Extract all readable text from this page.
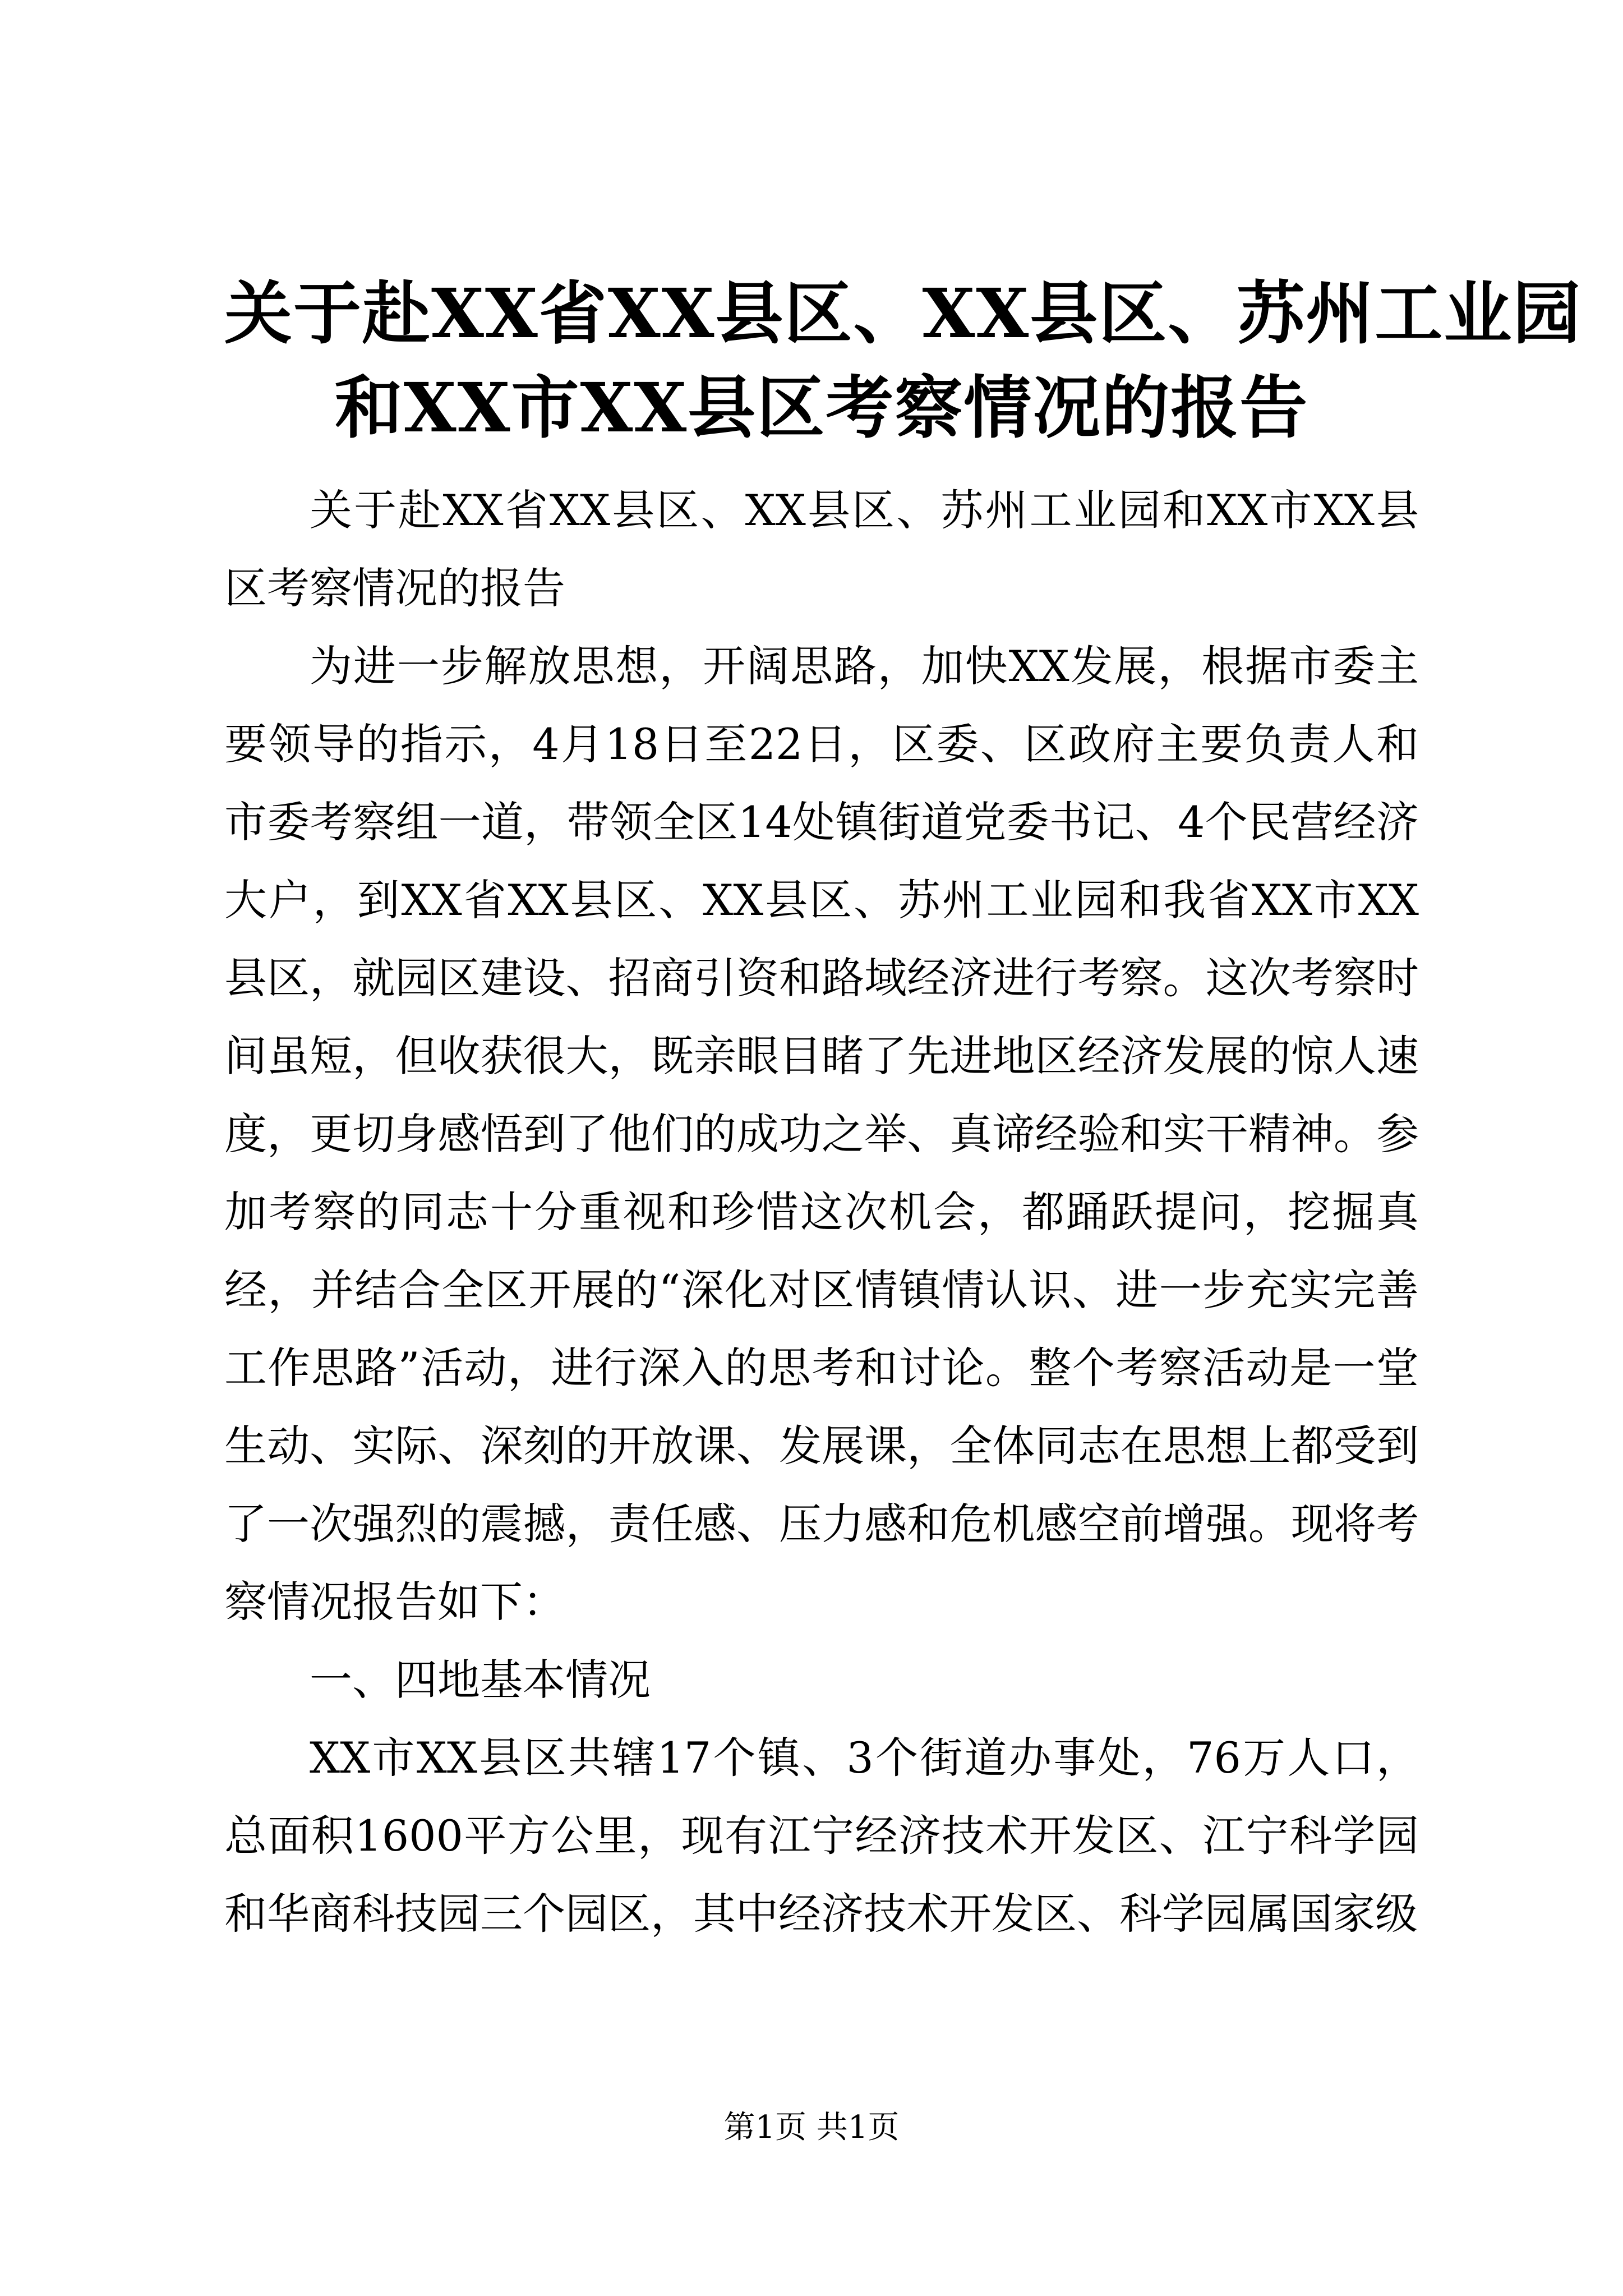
关于赴XX省XX县区、XX县区、苏州工业园
和XX市XX县区考察情况的报告

关于赴XX省XX县区、XX县区、苏州工业园和XX市XX县区考察情况的报告

为进一步解放思想，开阔思路，加快XX发展，根据市委主要领导的指示，4月18日至22日，区委、区政府主要负责人和市委考察组一道，带领全区14处镇街道党委书记、4个民营经济大户，到XX省XX县区、XX县区、苏州工业园和我省XX市XX县区，就园区建设、招商引资和路域经济进行考察。这次考察时间虽短，但收获很大，既亲眼目睹了先进地区经济发展的惊人速度，更切身感悟到了他们的成功之举、真谛经验和实干精神。参加考察的同志十分重视和珍惜这次机会，都踊跃提问，挖掘真经，并结合全区开展的“深化对区情镇情认识、进一步充实完善工作思路”活动，进行深入的思考和讨论。整个考察活动是一堂生动、实际、深刻的开放课、发展课，全体同志在思想上都受到了一次强烈的震撼，责任感、压力感和危机感空前增强。现将考察情况报告如下：

一、四地基本情况

XX市XX县区共辖17个镇、3个街道办事处，76万人口，总面积1600平方公里，现有江宁经济技术开发区、江宁科学园和华商科技园三个园区，其中经济技术开发区、科学园属国家级

第1页 共1页
